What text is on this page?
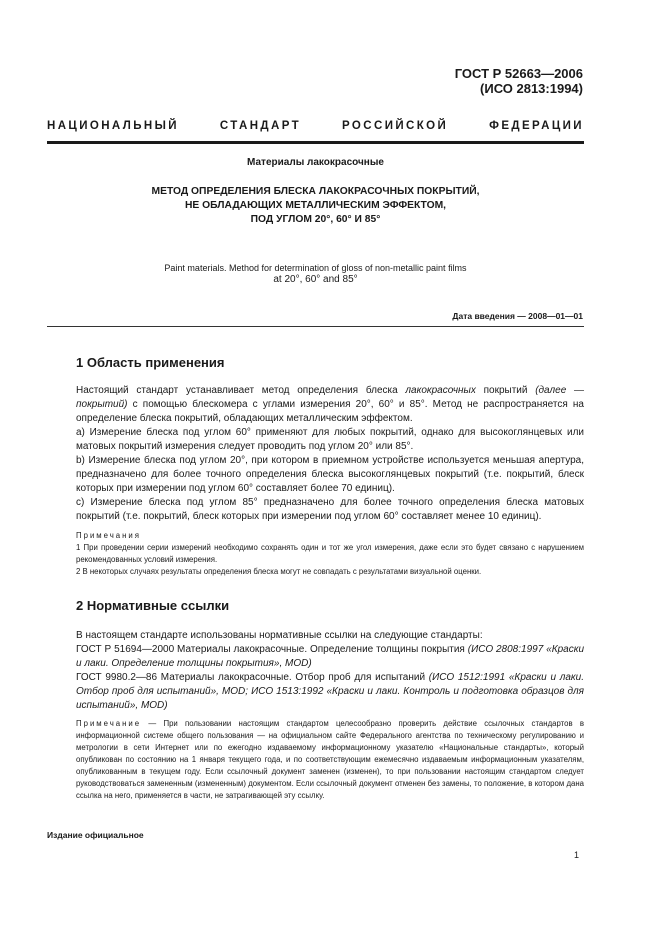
ГОСТ Р 52663—2006
(ИСО 2813:1994)
НАЦИОНАЛЬНЫЙ	СТАНДАРТ	РОССИЙСКОЙ	ФЕДЕРАЦИИ
Материалы лакокрасочные
МЕТОД ОПРЕДЕЛЕНИЯ БЛЕСКА ЛАКОКРАСОЧНЫХ ПОКРЫТИЙ,
НЕ ОБЛАДАЮЩИХ МЕТАЛЛИЧЕСКИМ ЭФФЕКТОМ,
ПОД УГЛОМ 20°, 60° И 85°
Paint materials. Method for determination of gloss of non-metallic paint films
at 20°, 60° and 85°
Дата введения — 2008—01—01
1 Область применения

Настоящий стандарт устанавливает метод определения блеска лакокрасочных покрытий (далее — покрытий) с помощью блескомера с углами измерения 20°, 60° и 85°. Метод не распространяется на определение блеска покрытий, обладающих металлическим эффектом.

a) Измерение блеска под углом 60° применяют для любых покрытий, однако для высокоглянцевых или матовых покрытий измерения следует проводить под углом 20° или 85°.

b) Измерение блеска под углом 20°, при котором в приемном устройстве используется меньшая апертура, предназначено для более точного определения блеска высокоглянцевых покрытий (т.е. покрытий, блеск которых при измерении под углом 60° составляет более 70 единиц).

c) Измерение блеска под углом 85° предназначено для более точного определения блеска матовых покрытий (т.е. покрытий, блеск которых при измерении под углом 60° составляет менее 10 единиц).

Примечания

1 При проведении серии измерений необходимо сохранять один и тот же угол измерения, даже если это будет связано с нарушением рекомендованных условий измерения.

2 В некоторых случаях результаты определения блеска могут не совпадать с результатами визуальной оценки.

2 Нормативные ссылки

В настоящем стандарте использованы нормативные ссылки на следующие стандарты:

ГОСТ Р 51694—2000 Материалы лакокрасочные. Определение толщины покрытия (ИСО 2808:1997 «Краски и лаки. Определение толщины покрытия», MOD)

ГОСТ 9980.2—86 Материалы лакокрасочные. Отбор проб для испытаний (ИСО 1512:1991 «Краски и лаки. Отбор проб для испытаний», MOD; ИСО 1513:1992 «Краски и лаки. Контроль и подготовка образцов для испытаний», MOD)

Примечание — При пользовании настоящим стандартом целесообразно проверить действие ссылочных стандартов в информационной системе общего пользования — на официальном сайте Федерального агентства по техническому регулированию и метрологии в сети Интернет или по ежегодно издаваемому информационному указателю «Национальные стандарты», который опубликован по состоянию на 1 января текущего года, и по соответствующим ежемесячно издаваемым информационным указателям, опубликованным в текущем году. Если ссылочный документ заменен (изменен), то при пользовании настоящим стандартом следует руководствоваться замененным (измененным) документом. Если ссылочный документ отменен без замены, то положение, в котором дана ссылка на него, применяется в части, не затрагивающей эту ссылку.

Издание официальное
1
